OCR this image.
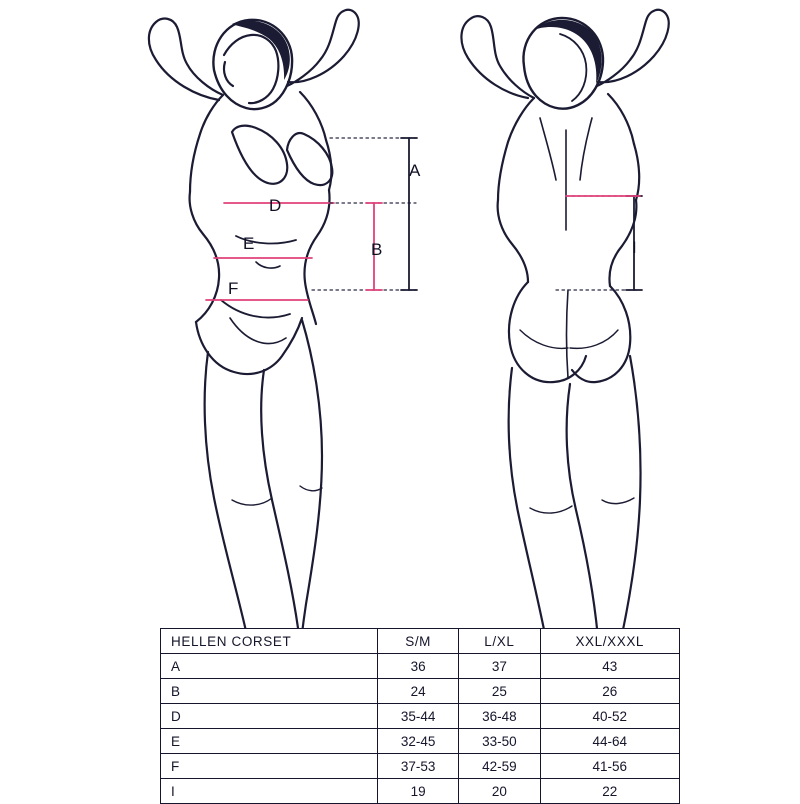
A
D
E
F
B	I
HELLEN CORSET	S/M	L/XL	XXL/XXXL
A	36	37	43
B	24	25	26
D	35-44	36-48	40-52
E	32-45	33-50	44-64
F	37-53	42-59	41-56
I	19	20	22
